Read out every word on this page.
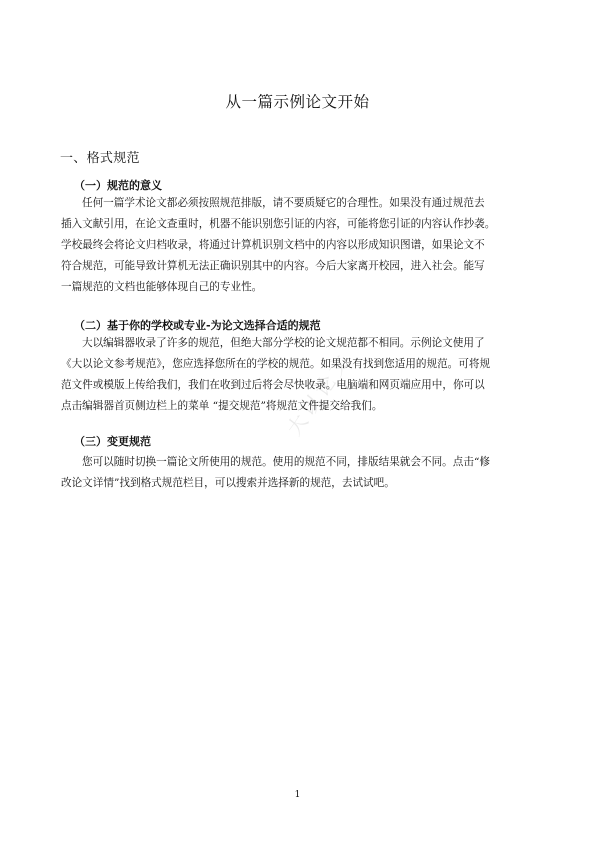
从一篇示例论文开始
一、格式规范
（一）规范的意义
任何一篇学术论文都必须按照规范排版，请不要质疑它的合理性。如果没有通过规范去
插入文献引用，在论文查重时，机器不能识别您引证的内容，可能将您引证的内容认作抄袭。
学校最终会将论文归档收录，将通过计算机识别文档中的内容以形成知识图谱，如果论文不
符合规范，可能导致计算机无法正确识别其中的内容。今后大家离开校园，进入社会。能写
一篇规范的文档也能够体现自己的专业性。
（二）基于你的学校或专业-为论文选择合适的规范
大以编辑器收录了许多的规范，但绝大部分学校的论文规范都不相同。示例论文使用了
《大以论文参考规范》，您应选择您所在的学校的规范。如果没有找到您适用的规范。可将规
范文件或模版上传给我们，我们在收到过后将会尽快收录。电脑端和网页端应用中，你可以
点击编辑器首页侧边栏上的菜单 “提交规范”将规范文件提交给我们。
（三）变更规范
您可以随时切换一篇论文所使用的规范。使用的规范不同，排版结果就会不同。点击“修
改论文详情”找到格式规范栏目，可以搜索并选择新的规范，去试试吧。
大以论文
1
